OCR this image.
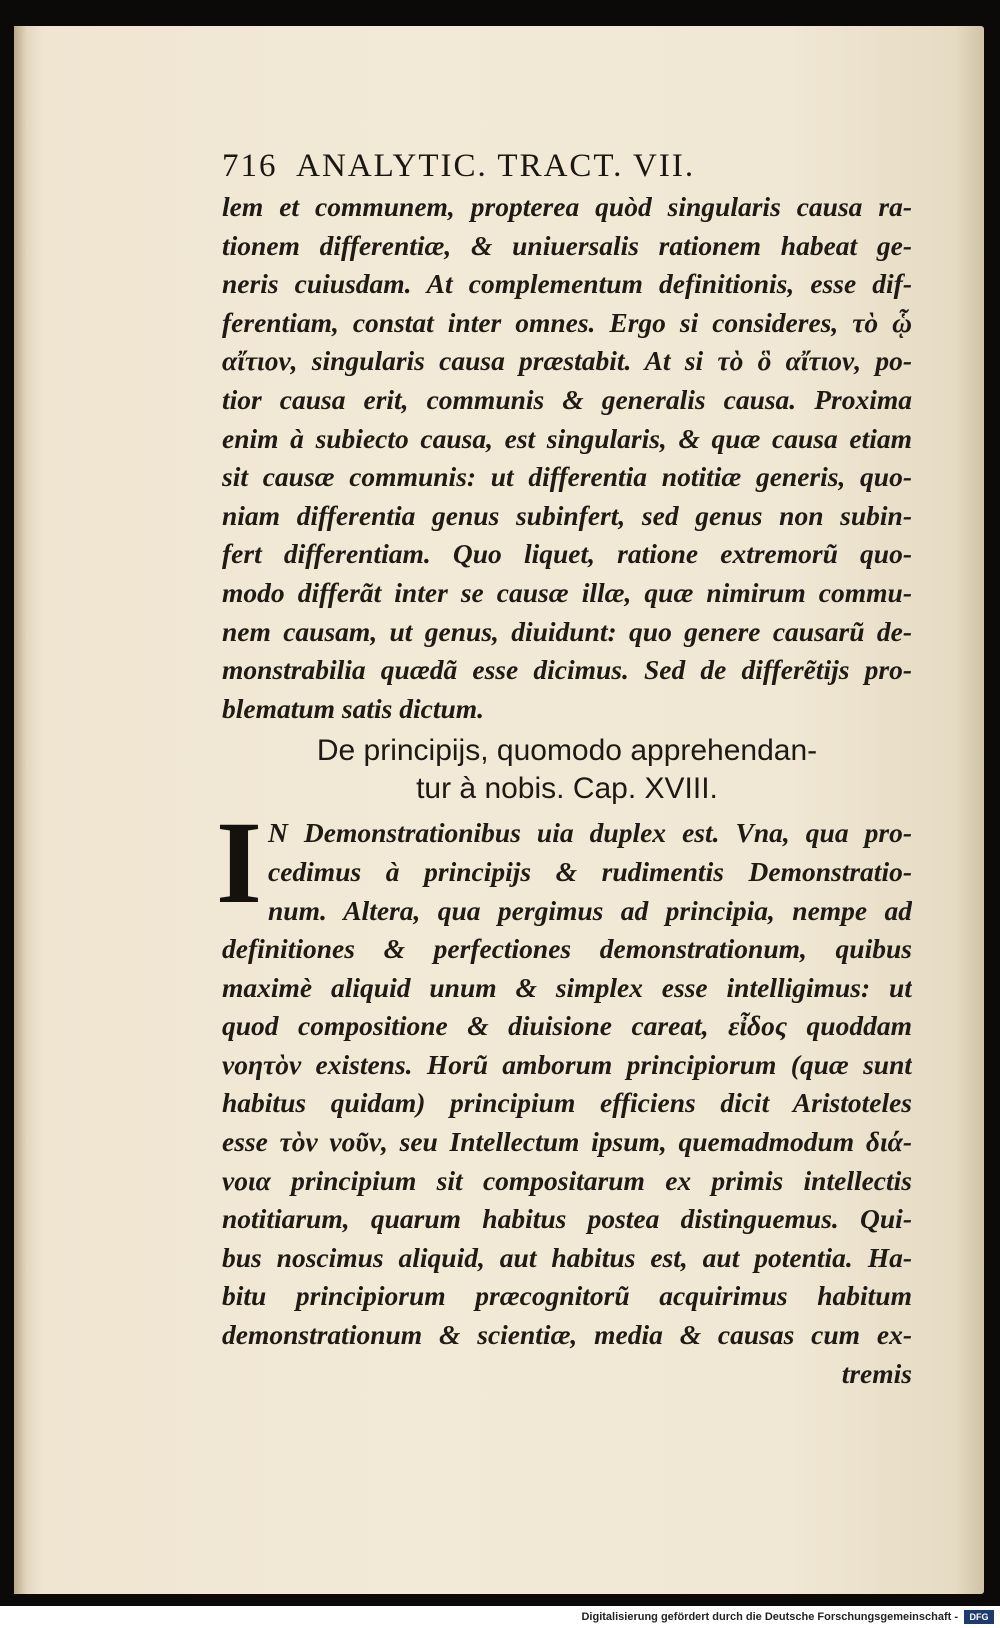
716  ANALYTIC. TRACT. VII.
lem et communem, propterea quòd singularis causa ra-
tionem differentiæ, & uniuersalis rationem habeat ge-
neris cuiusdam. At complementum definitionis, esse dif-
ferentiam, constat inter omnes. Ergo si consideres, τὸ ᾧ
αἴτιον, singularis causa præstabit. At si τὸ ὃ αἴτιον, po-
tior causa erit, communis & generalis causa. Proxima
enim à subiecto causa, est singularis, & quæ causa etiam
sit causæ communis: ut differentia notitiæ generis, quo-
niam differentia genus subinfert, sed genus non subin-
fert differentiam. Quo liquet, ratione extremorũ quo-
modo differãt inter se causæ illæ, quæ nimirum commu-
nem causam, ut genus, diuidunt: quo genere causarũ de-
monstrabilia quædã esse dicimus. Sed de differẽtijs pro-
blematum satis dictum.
De principijs, quomodo apprehendan-
tur à nobis. Cap. XVIII.
I N Demonstrationibus uia duplex est. Vna, qua pro-
cedimus à principijs & rudimentis Demonstratio-
num. Altera, qua pergimus ad principia, nempe ad
definitiones & perfectiones demonstrationum, quibus
maximè aliquid unum & simplex esse intelligimus: ut
quod compositione & diuisione careat, εἶδος quoddam
νοητὸν existens. Horũ amborum principiorum (quæ sunt
habitus quidam) principium efficiens dicit Aristoteles
esse τὸν νοῦν, seu Intellectum ipsum, quemadmodum διά-
νοια principium sit compositarum ex primis intellectis
notitiarum, quarum habitus postea distinguemus. Qui-
bus noscimus aliquid, aut habitus est, aut potentia. Ha-
bitu principiorum præcognitorũ acquirimus habitum
demonstrationum & scientiæ, media & causas cum ex-
tremis
Digitalisierung gefördert durch die Deutsche Forschungsgemeinschaft -	DFG
